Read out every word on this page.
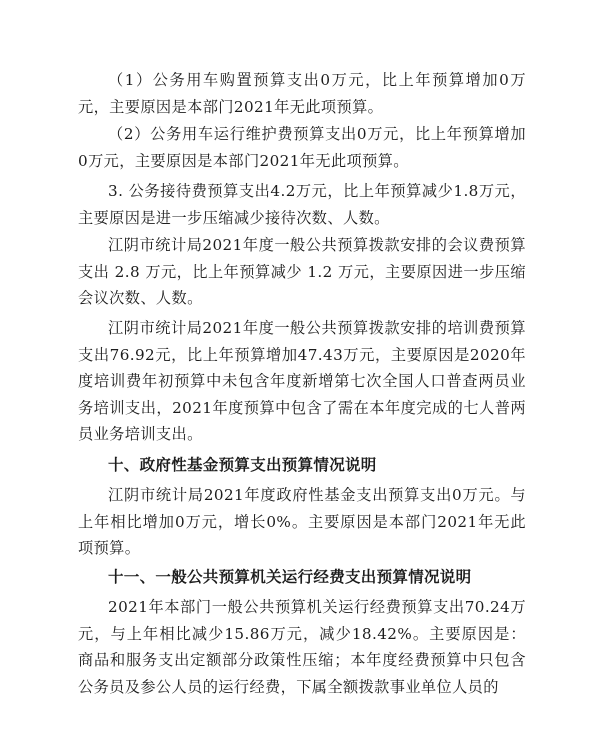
（1）公务用车购置预算支出0万元，比上年预算增加0万元，主要原因是本部门2021年无此项预算。

（2）公务用车运行维护费预算支出0万元，比上年预算增加0万元，主要原因是本部门2021年无此项预算。

3. 公务接待费预算支出4.2万元，比上年预算减少1.8万元，主要原因是进一步压缩减少接待次数、人数。

江阴市统计局2021年度一般公共预算拨款安排的会议费预算支出 2.8 万元，比上年预算减少 1.2 万元，主要原因进一步压缩会议次数、人数。

江阴市统计局2021年度一般公共预算拨款安排的培训费预算支出76.92元，比上年预算增加47.43万元，主要原因是2020年度培训费年初预算中未包含年度新增第七次全国人口普查两员业务培训支出，2021年度预算中包含了需在本年度完成的七人普两员业务培训支出。

十、政府性基金预算支出预算情况说明

江阴市统计局2021年度政府性基金支出预算支出0万元。与上年相比增加0万元，增长0%。主要原因是本部门2021年无此项预算。

十一、一般公共预算机关运行经费支出预算情况说明

2021年本部门一般公共预算机关运行经费预算支出70.24万元，与上年相比减少15.86万元，减少18.42%。主要原因是：商品和服务支出定额部分政策性压缩；本年度经费预算中只包含公务员及参公人员的运行经费，下属全额拨款事业单位人员的
